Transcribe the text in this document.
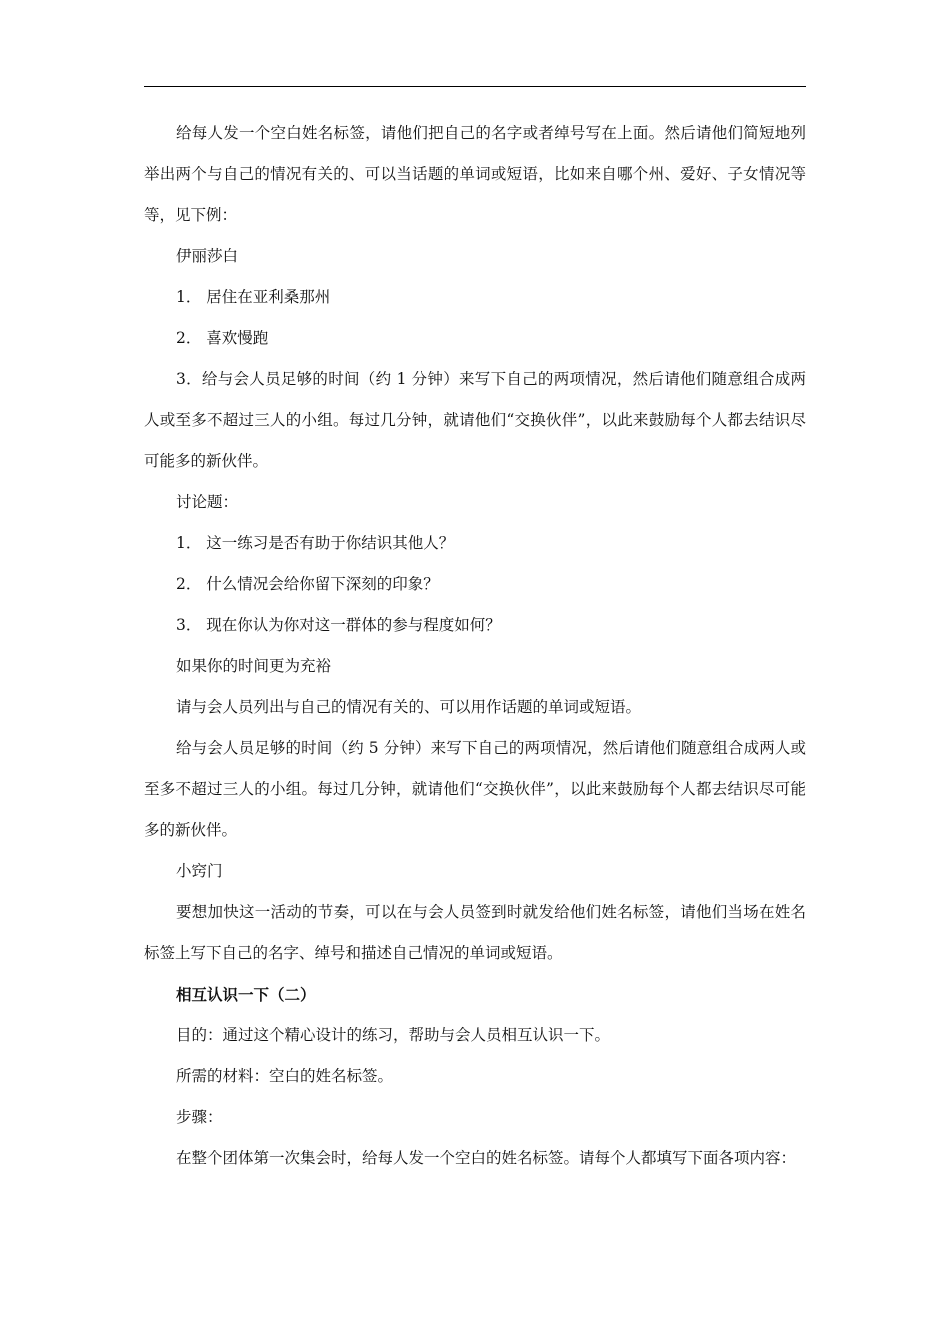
给每人发一个空白姓名标签，请他们把自己的名字或者绰号写在上面。然后请他们简短地列举出两个与自己的情况有关的、可以当话题的单词或短语，比如来自哪个州、爱好、子女情况等等，见下例：

伊丽莎白

1． 居住在亚利桑那州

2． 喜欢慢跑

3．给与会人员足够的时间（约 1 分钟）来写下自己的两项情况，然后请他们随意组合成两人或至多不超过三人的小组。每过几分钟，就请他们“交换伙伴”，以此来鼓励每个人都去结识尽可能多的新伙伴。

讨论题：

1． 这一练习是否有助于你结识其他人？

2． 什么情况会给你留下深刻的印象？

3． 现在你认为你对这一群体的参与程度如何？

如果你的时间更为充裕

请与会人员列出与自己的情况有关的、可以用作话题的单词或短语。

给与会人员足够的时间（约 5 分钟）来写下自己的两项情况，然后请他们随意组合成两人或至多不超过三人的小组。每过几分钟，就请他们“交换伙伴”，以此来鼓励每个人都去结识尽可能多的新伙伴。

小窍门

要想加快这一活动的节奏，可以在与会人员签到时就发给他们姓名标签，请他们当场在姓名标签上写下自己的名字、绰号和描述自己情况的单词或短语。

相互认识一下（二）

目的：通过这个精心设计的练习，帮助与会人员相互认识一下。

所需的材料：空白的姓名标签。

步骤：

在整个团体第一次集会时，给每人发一个空白的姓名标签。请每个人都填写下面各项内容：
